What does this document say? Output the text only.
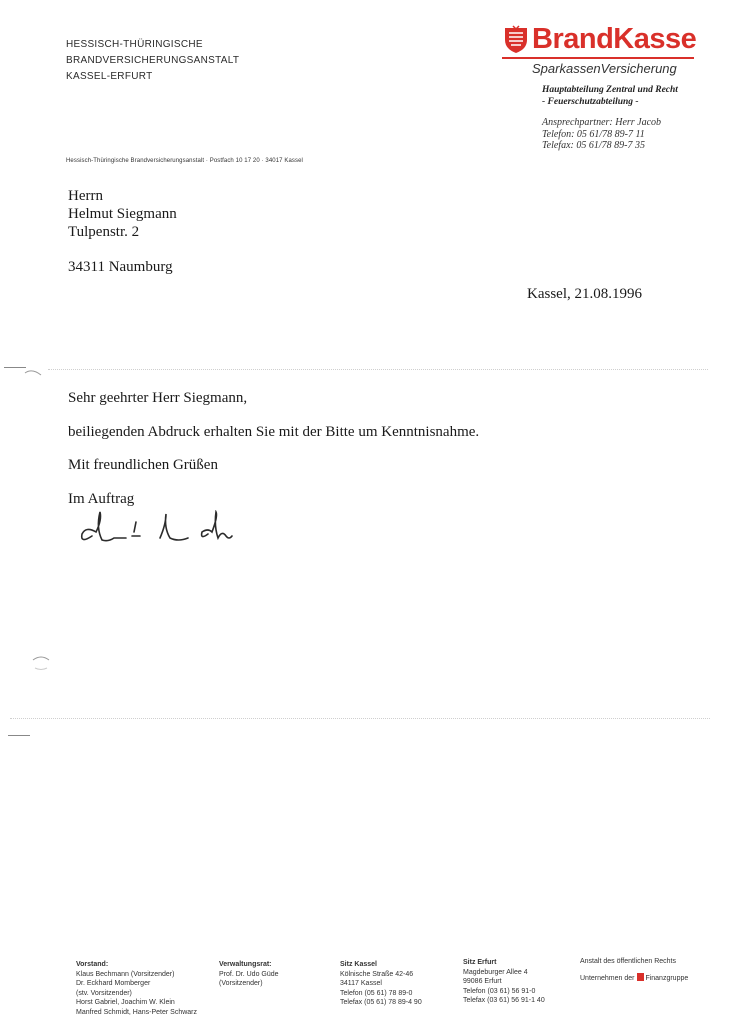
HESSISCH-THÜRINGISCHE
BRANDVERSICHERUNGSANSTALT
KASSEL-ERFURT
BrandKasse
SparkassenVersicherung
Hauptabteilung Zentral und Recht
- Feuerschutzabteilung -
Ansprechpartner: Herr Jacob
Telefon: 05 61/78 89-7 11
Telefax: 05 61/78 89-7 35
Hessisch-Thüringische Brandversicherungsanstalt · Postfach 10 17 20 · 34017 Kassel
Herrn
Helmut Siegmann
Tulpenstr. 2
34311 Naumburg
Kassel, 21.08.1996
Sehr geehrter Herr Siegmann,
beiliegenden Abdruck erhalten Sie mit der Bitte um Kenntnisnahme.
Mit freundlichen Grüßen
Im Auftrag
Vorstand:
Klaus Bechmann (Vorsitzender)
Dr. Eckhard Momberger
(stv. Vorsitzender)
Horst Gabriel, Joachim W. Klein
Manfred Schmidt, Hans-Peter Schwarz
Verwaltungsrat:
Prof. Dr. Udo Güde
(Vorsitzender)
Sitz Kassel
Kölnische Straße 42-46
34117 Kassel
Telefon (05 61) 78 89-0
Telefax (05 61) 78 89-4 90
Sitz Erfurt
Magdeburger Allee 4
99086 Erfurt
Telefon (03 61) 56 91-0
Telefax (03 61) 56 91-1 40
Anstalt des öffentlichen Rechts
Unternehmen der Finanzgruppe
